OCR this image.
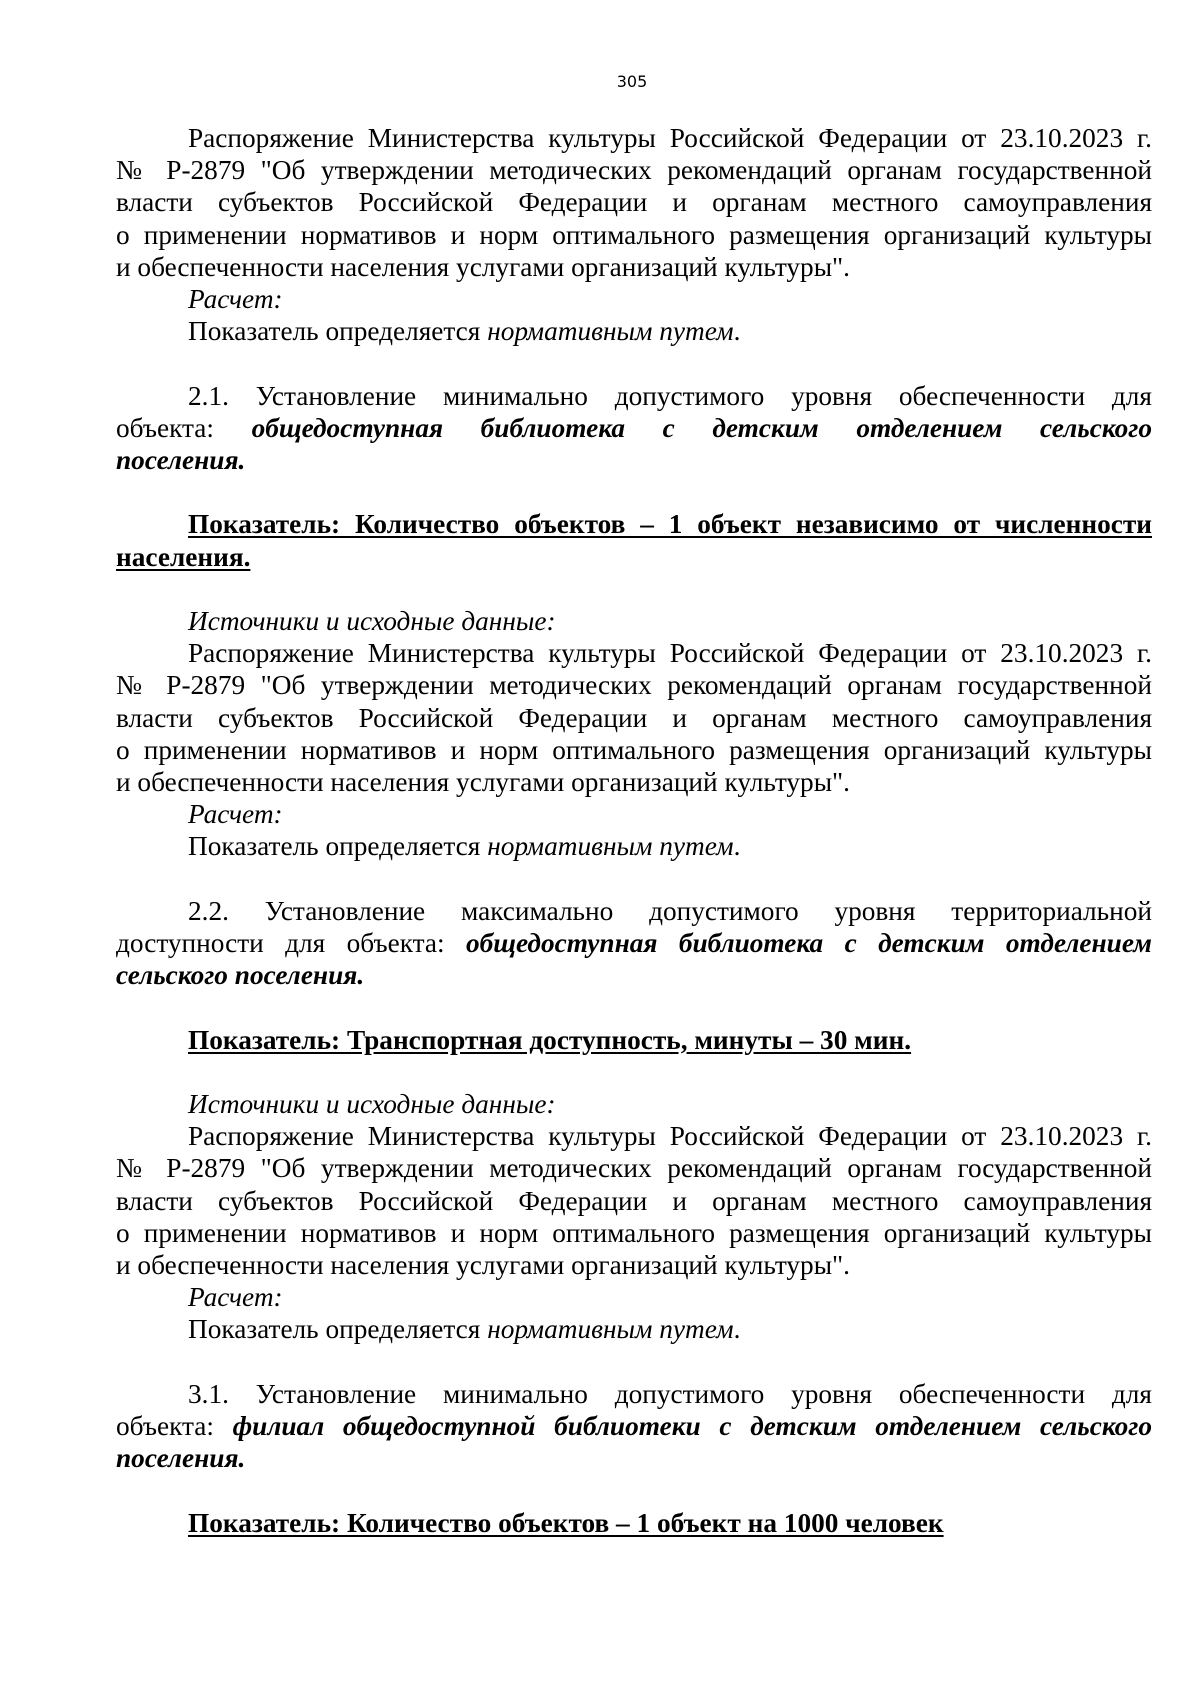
305
Распоряжение Министерства культуры Российской Федерации от 23.10.2023 г.
№ Р-2879 "Об утверждении методических рекомендаций органам государственной
власти субъектов Российской Федерации и органам местного самоуправления
о применении нормативов и норм оптимального размещения организаций культуры
и обеспеченности населения услугами организаций культуры".
Расчет:
Показатель определяется нормативным путем.
2.1. Установление минимально допустимого уровня обеспеченности для
объекта: общедоступная библиотека с детским отделением сельского
поселения.
Показатель: Количество объектов – 1 объект независимо от численности
населения.
Источники и исходные данные:
Распоряжение Министерства культуры Российской Федерации от 23.10.2023 г.
№ Р-2879 "Об утверждении методических рекомендаций органам государственной
власти субъектов Российской Федерации и органам местного самоуправления
о применении нормативов и норм оптимального размещения организаций культуры
и обеспеченности населения услугами организаций культуры".
Расчет:
Показатель определяется нормативным путем.
2.2. Установление максимально допустимого уровня территориальной
доступности для объекта: общедоступная библиотека с детским отделением
сельского поселения.
Показатель: Транспортная доступность, минуты – 30 мин.
Источники и исходные данные:
Распоряжение Министерства культуры Российской Федерации от 23.10.2023 г.
№ Р-2879 "Об утверждении методических рекомендаций органам государственной
власти субъектов Российской Федерации и органам местного самоуправления
о применении нормативов и норм оптимального размещения организаций культуры
и обеспеченности населения услугами организаций культуры".
Расчет:
Показатель определяется нормативным путем.
3.1. Установление минимально допустимого уровня обеспеченности для
объекта: филиал общедоступной библиотеки с детским отделением сельского
поселения.
Показатель: Количество объектов – 1 объект на 1000 человек
